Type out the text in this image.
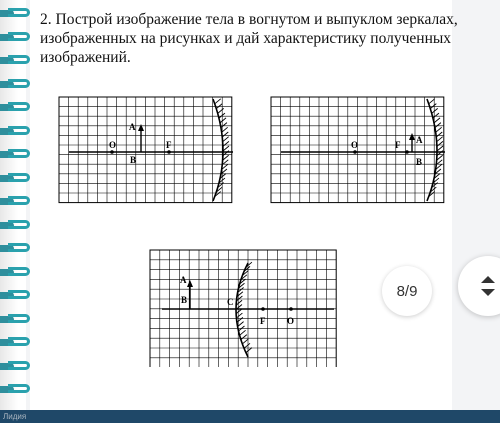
2. Построй изображение тела в вогнутом и выпуклом зеркалах, изображенных на рисунках и дай характеристику полученных изображений.

A
B
O	F	A
B
O	F
A
B	C
F O
8/9
Лидия
